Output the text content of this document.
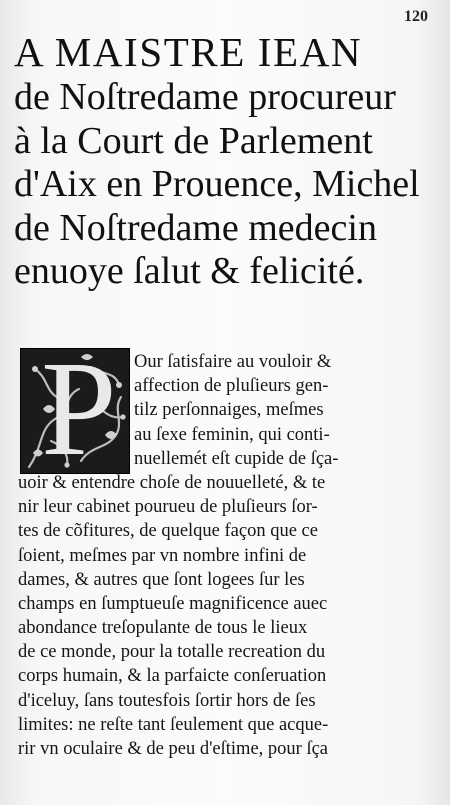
120
A MAISTRE IEAN
de Noſtredame procureur
à la Court de Parlement
d'Aix en Prouence, Michel
de Noſtredame medecin
enuoye ſalut & felicité.
P Our ſatisfaire au vouloir &
affection de pluſieurs gen-
tilz perſonnaiges, meſmes
au ſexe feminin, qui conti-
nuellemét eſt cupide de ſça-
uoir & entendre choſe de nouuelleté, & te
nir leur cabinet pourueu de pluſieurs ſor-
tes de cõfitures, de quelque façon que ce
ſoient, meſmes par vn nombre infini de
dames, & autres que ſont logees ſur les
champs en ſumptueuſe magnificence auec
abondance treſopulante de tous le lieux
de ce monde, pour la totalle recreation du
corps humain, & la parfaicte conſeruation
d'iceluy, ſans toutesfois ſortir hors de ſes
limites: ne reſte tant ſeulement que acque-
rir vn oculaire & de peu d'eſtime, pour ſça
